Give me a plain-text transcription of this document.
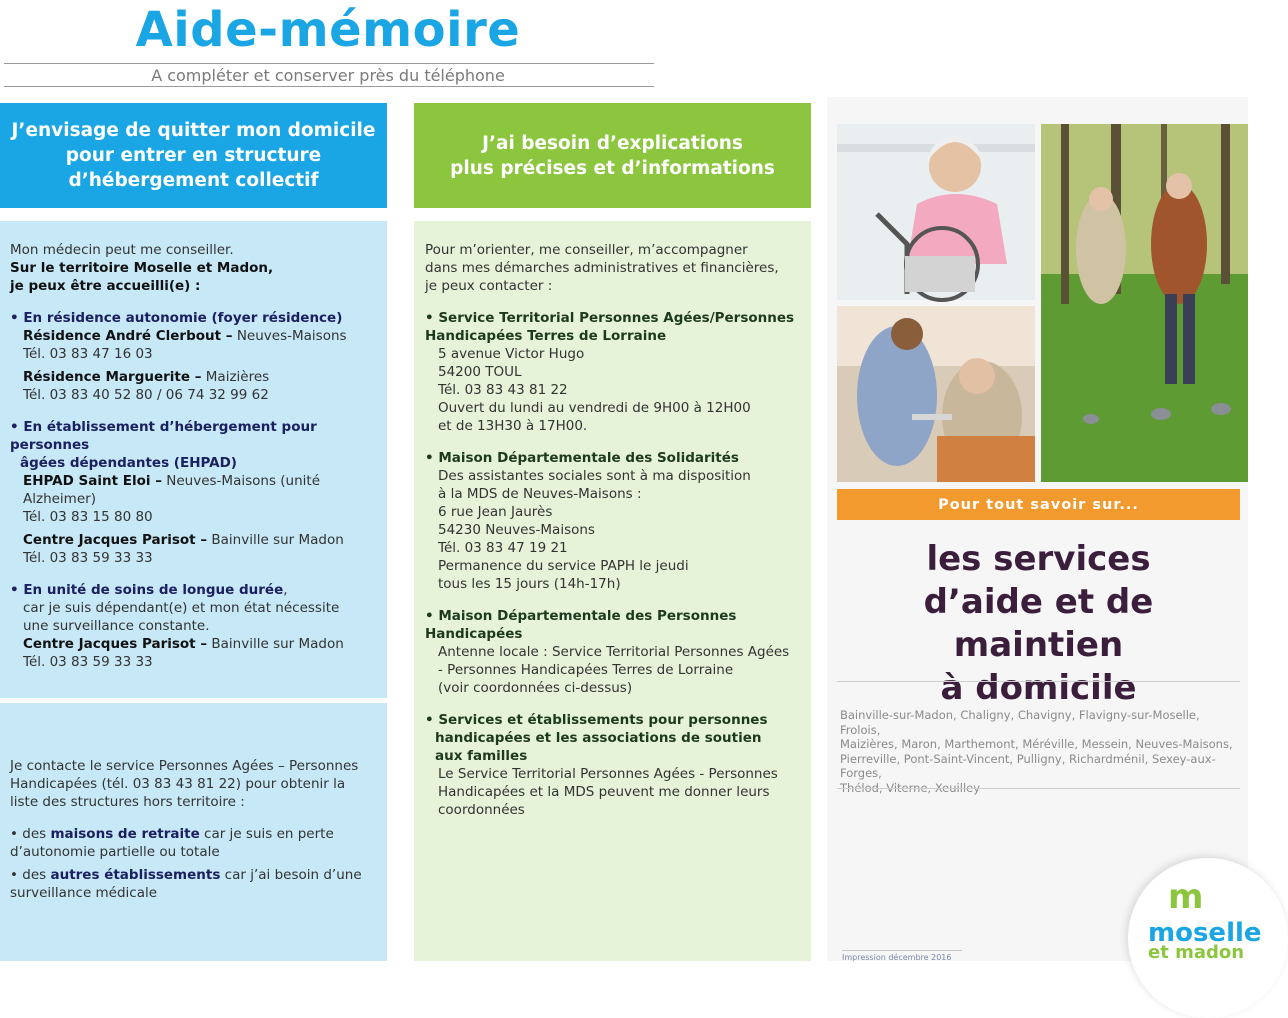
Aide-mémoire
A compléter et conserver près du téléphone
J’envisage de quitter mon domicile
pour entrer en structure
d’hébergement collectif
Mon médecin peut me conseiller.
Sur le territoire Moselle et Madon,
je peux être accueilli(e) :
• En résidence autonomie (foyer résidence)
Résidence André Clerbout – Neuves-Maisons
Tél. 03 83 47 16 03
Résidence Marguerite – Maizières
Tél. 03 83 40 52 80 / 06 74 32 99 62
• En établissement d’hébergement pour personnes
âgées dépendantes (EHPAD)
EHPAD Saint Eloi – Neuves-Maisons (unité Alzheimer)
Tél. 03 83 15 80 80
Centre Jacques Parisot – Bainville sur Madon
Tél. 03 83 59 33 33
• En unité de soins de longue durée,
car je suis dépendant(e) et mon état nécessite
une surveillance constante.
Centre Jacques Parisot – Bainville sur Madon
Tél. 03 83 59 33 33
Je contacte le service Personnes Agées – Personnes
Handicapées (tél. 03 83 43 81 22) pour obtenir la
liste des structures hors territoire :
• des maisons de retraite car je suis en perte
d’autonomie partielle ou totale
• des autres établissements car j’ai besoin d’une
surveillance médicale
J’ai besoin d’explications
plus précises et d’informations
Pour m’orienter, me conseiller, m’accompagner
dans mes démarches administratives et financières,
je peux contacter :
• Service Territorial Personnes Agées/Personnes
Handicapées Terres de Lorraine
5 avenue Victor Hugo
54200 TOUL
Tél. 03 83 43 81 22
Ouvert du lundi au vendredi de 9H00 à 12H00
et de 13H30 à 17H00.
• Maison Départementale des Solidarités
Des assistantes sociales sont à ma disposition
à la MDS de Neuves-Maisons :
6 rue Jean Jaurès
54230 Neuves-Maisons
Tél. 03 83 47 19 21
Permanence du service PAPH le jeudi
tous les 15 jours (14h-17h)
• Maison Départementale des Personnes Handicapées
Antenne locale : Service Territorial Personnes Agées
- Personnes Handicapées Terres de Lorraine
(voir coordonnées ci-dessus)
• Services et établissements pour personnes
handicapées et les associations de soutien
aux familles
Le Service Territorial Personnes Agées - Personnes
Handicapées et la MDS peuvent me donner leurs
coordonnées
Pour tout savoir sur...
les services
d’aide et de maintien
à domicile
Bainville-sur-Madon, Chaligny, Chavigny, Flavigny-sur-Moselle, Frolois,
Maizières, Maron, Marthemont, Méréville, Messein, Neuves-Maisons,
Pierreville, Pont-Saint-Vincent, Pulligny, Richardménil, Sexey-aux-Forges,
Thélod, Viterne, Xeuilley
Impression décembre 2016
m
moselle
et madon
